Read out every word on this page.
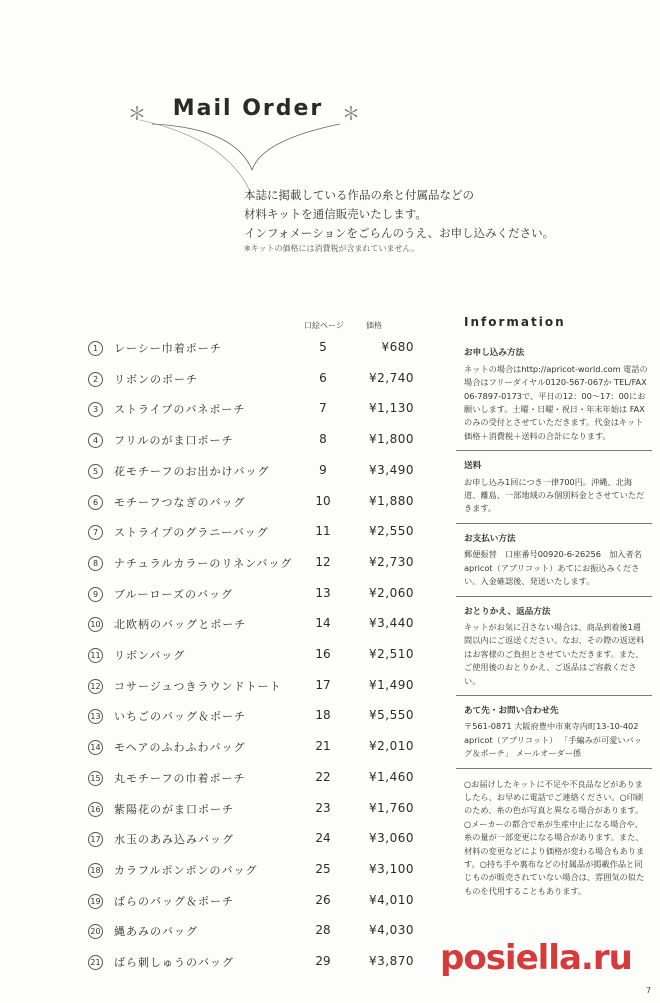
＊	＊
Mail Order
本誌に掲載している作品の糸と付属品などの
材料キットを通信販売いたします。
インフォメーションをごらんのうえ、お申し込みください。
※キットの価格には消費税が含まれていません。
口絵ページ	価格
1	レーシー巾着ポーチ	5	¥680
2	リボンのポーチ	6	¥2,740
3	ストライプのバネポーチ	7	¥1,130
4	フリルのがま口ポーチ	8	¥1,800
5	花モチーフのお出かけバッグ	9	¥3,490
6	モチーフつなぎのバッグ	10	¥1,880
7	ストライプのグラニーバッグ	11	¥2,550
8	ナチュラルカラーのリネンバッグ	12	¥2,730
9	ブルーローズのバッグ	13	¥2,060
10 北欧柄のバッグとポーチ	14	¥3,440
11 リボンバッグ	16	¥2,510
12 コサージュつきラウンドトート	17	¥1,490
13 いちごのバッグ＆ポーチ	18	¥5,550
14 モヘアのふわふわバッグ	21	¥2,010
15 丸モチーフの巾着ポーチ	22	¥1,460
16 紫陽花のがま口ポーチ	23	¥1,760
17 水玉のあみ込みバッグ	24	¥3,060
18 カラフルポンポンのバッグ	25	¥3,100
19 ばらのバッグ＆ポーチ	26	¥4,010
20 縄あみのバッグ	28	¥4,030
21 ばら刺しゅうのバッグ	29	¥3,870
Information
お申し込み方法

ネットの場合はhttp://apricot-world.com 電話の場合はフリーダイヤル0120-567-067か TEL/FAX 06-7897-0173で、平日の12：00～17：00にお願いします。土曜・日曜・祝日・年末年始は FAX のみの受付とさせていただきます。代金はキット価格＋消費税＋送料の合計になります。

送料

お申し込み1回につき一律700円。沖縄、北海道、離島、一部地域のみ個別料金とさせていただきます。

お支払い方法

郵便振替　口座番号00920-6-26256　加入者名apricot（アプリコット）あてにお振込みください。入金確認後、発送いたします。

おとりかえ、返品方法

キットがお気に召さない場合は、商品到着後1週間以内にご返送ください。なお、その際の返送料はお客様のご負担とさせていただきます。また、ご使用後のおとりかえ、ご返品はご容赦ください。

あて先・お問い合わせ先

〒561-0871 大阪府豊中市東寺内町13-10-402 apricot（アプリコット） 「手編みが可愛いバッグ＆ポーチ」 メールオーダー係

○お届けしたキットに不足や不良品などがありましたら、お早めに電話でご連絡ください。○印刷のため、糸の色が写真と異なる場合があります。○メーカーの都合で糸が生産中止になる場合や、糸の量が一部変更になる場合があります。また、材料の変更などにより価格が変わる場合もあります。○持ち手や裏布などの付属品が掲載作品と同じものが販売されていない場合は、雰囲気の似たものを代用することもあります。

posiella.ru
7
